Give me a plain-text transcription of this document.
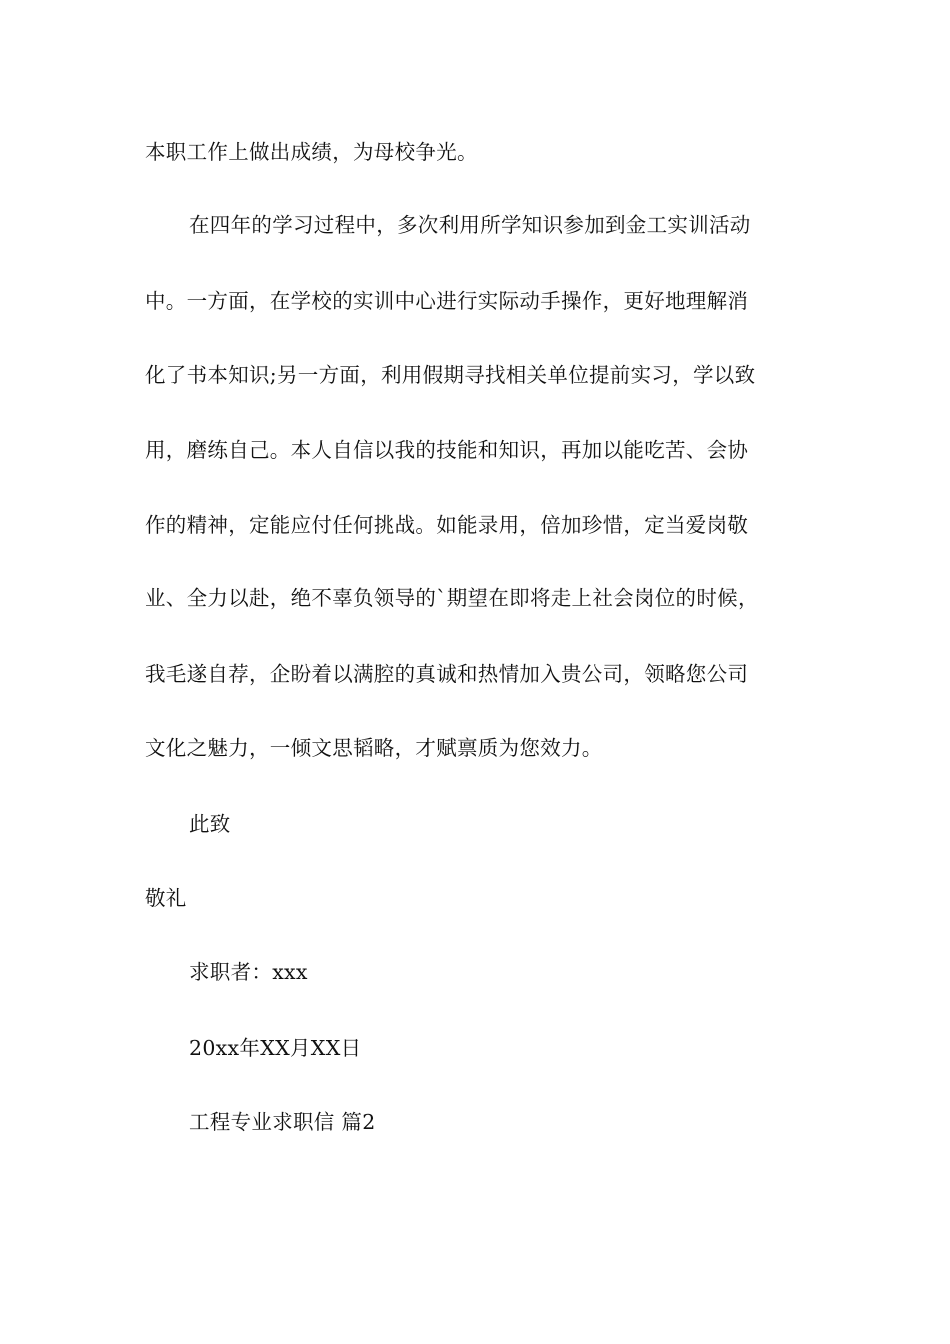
本职工作上做出成绩，为母校争光。
在四年的学习过程中，多次利用所学知识参加到金工实训活动
中。一方面，在学校的实训中心进行实际动手操作，更好地理解消
化了书本知识;另一方面，利用假期寻找相关单位提前实习，学以致
用，磨练自己。本人自信以我的技能和知识，再加以能吃苦、会协
作的精神，定能应付任何挑战。如能录用，倍加珍惜，定当爱岗敬
业、全力以赴，绝不辜负领导的`期望在即将走上社会岗位的时候，
我毛遂自荐，企盼着以满腔的真诚和热情加入贵公司，领略您公司
文化之魅力，一倾文思韬略，才赋禀质为您效力。
此致
敬礼
求职者：xxx
20xx年XX月XX日
工程专业求职信 篇2
